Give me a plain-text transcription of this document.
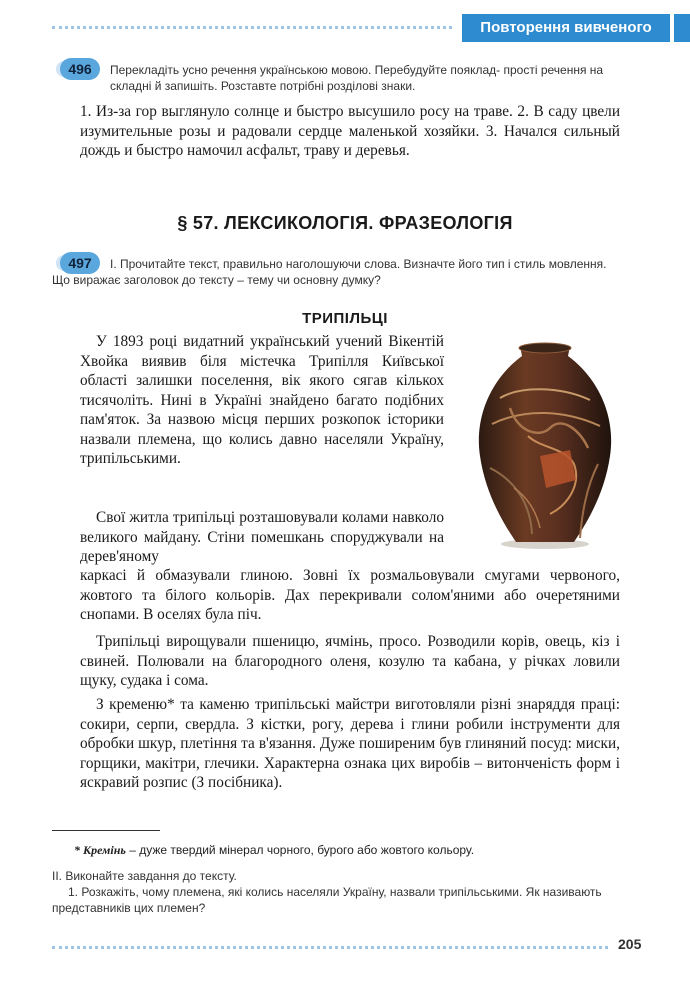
Повторення вивченого
496	Перекладіть усно речення українською мовою. Перебудуйте пояклад- прості речення на складні й запишіть. Розставте потрібні розділові знаки.

1. Из-за гор выглянуло солнце и быстро высушило росу на траве. 2. В саду цвели изумительные розы и радовали сердце маленькой хозяйки. 3. Начался сильный дождь и быстро намочил асфальт, траву и деревья.

§ 57. ЛЕКСИКОЛОГІЯ. ФРАЗЕОЛОГІЯ
497	І. Прочитайте текст, правильно наголошуючи слова. Визначте його тип і стиль мовлення. Що виражає заголовок до тексту – тему чи основну думку?
ТРИПІЛЬЦІ

У 1893 році видатний український учений Вікентій Хвойка виявив біля містечка Трипілля Київської області залишки поселення, вік якого сягав кількох тисячоліть. Нині в Україні знайдено багато подібних пам'яток. За назвою місця перших розкопок історики назвали племена, що колись давно населяли Україну, трипільськими.

Свої житла трипільці розташовували колами навколо великого майдану. Стіни помешкань споруджували на дерев'яному

каркасі й обмазували глиною. Зовні їх розмальовували смугами червоного, жовтого та білого кольорів. Дах перекривали солом'яними або очеретяними снопами. В оселях була піч.

Трипільці вирощували пшеницю, ячмінь, просо. Розводили корів, овець, кіз і свиней. Полювали на благородного оленя, козулю та кабана, у річках ловили щуку, судака і сома.

З кременю* та каменю трипільські майстри виготовляли різні знаряддя праці: сокири, серпи, свердла. З кістки, рогу, дерева і глини робили інструменти для обробки шкур, плетіння та в'язання. Дуже поширеним був глиняний посуд: миски, горщики, макітри, глечики. Характерна ознака цих виробів – витонченість форм і яскравий розпис (З посібника).

* Кремінь – дуже твердий мінерал чорного, бурого або жовтого кольору.
ІІ. Виконайте завдання до тексту.
1. Розкажіть, чому племена, які колись населяли Україну, назвали трипільськими. Як називають представників цих племен?
205
